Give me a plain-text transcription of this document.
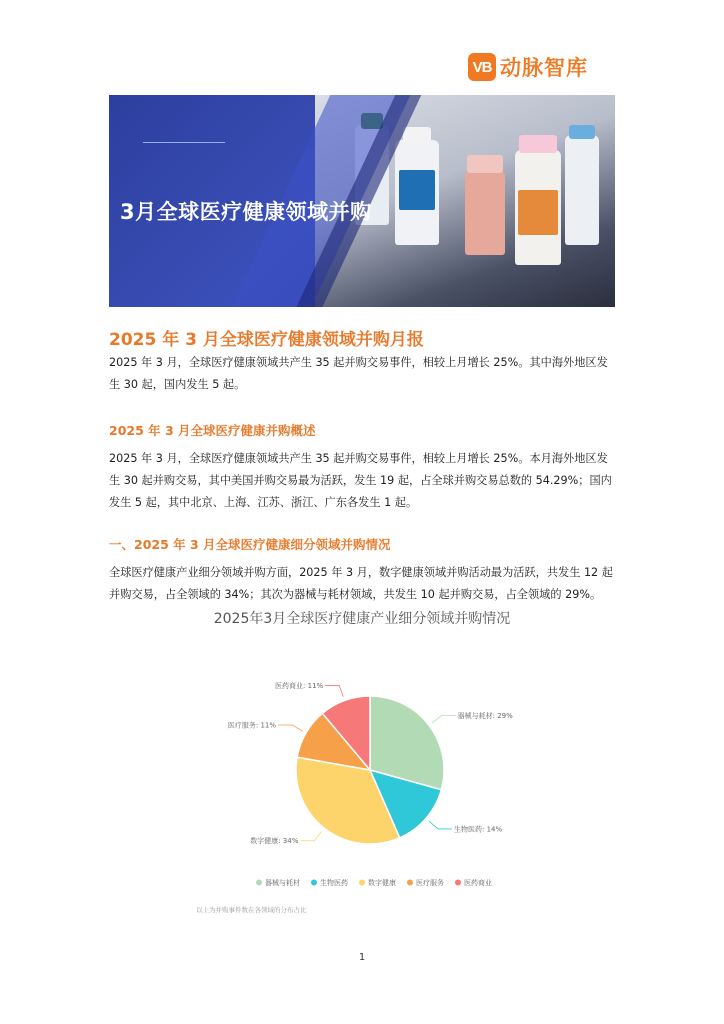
VB 动脉智库
3月全球医疗健康领域并购
2025 年 3 月全球医疗健康领域并购月报
2025 年 3 月，全球医疗健康领域共产生 35 起并购交易事件，相较上月增长 25%。其中海外地区发生 30 起，国内发生 5 起。
2025 年 3 月全球医疗健康并购概述
2025 年 3 月，全球医疗健康领域共产生 35 起并购交易事件，相较上月增长 25%。本月海外地区发生 30 起并购交易，其中美国并购交易最为活跃，发生 19 起，占全球并购交易总数的 54.29%；国内发生 5 起，其中北京、上海、江苏、浙江、广东各发生 1 起。
一、2025 年 3 月全球医疗健康细分领域并购情况
全球医疗健康产业细分领域并购方面，2025 年 3 月，数字健康领域并购活动最为活跃，共发生 12 起并购交易，占全领域的 34%；其次为器械与耗材领域，共发生 10 起并购交易，占全领域的 29%。
2025年3月全球医疗健康产业细分领域并购情况
器械与耗材: 29%
生物医药: 14%
数字健康: 34%
医疗服务: 11%
医药商业: 11%
器械与耗材	生物医药	数字健康	医疗服务	医药商业
以上为并购事件数在各领域的分布占比
1
